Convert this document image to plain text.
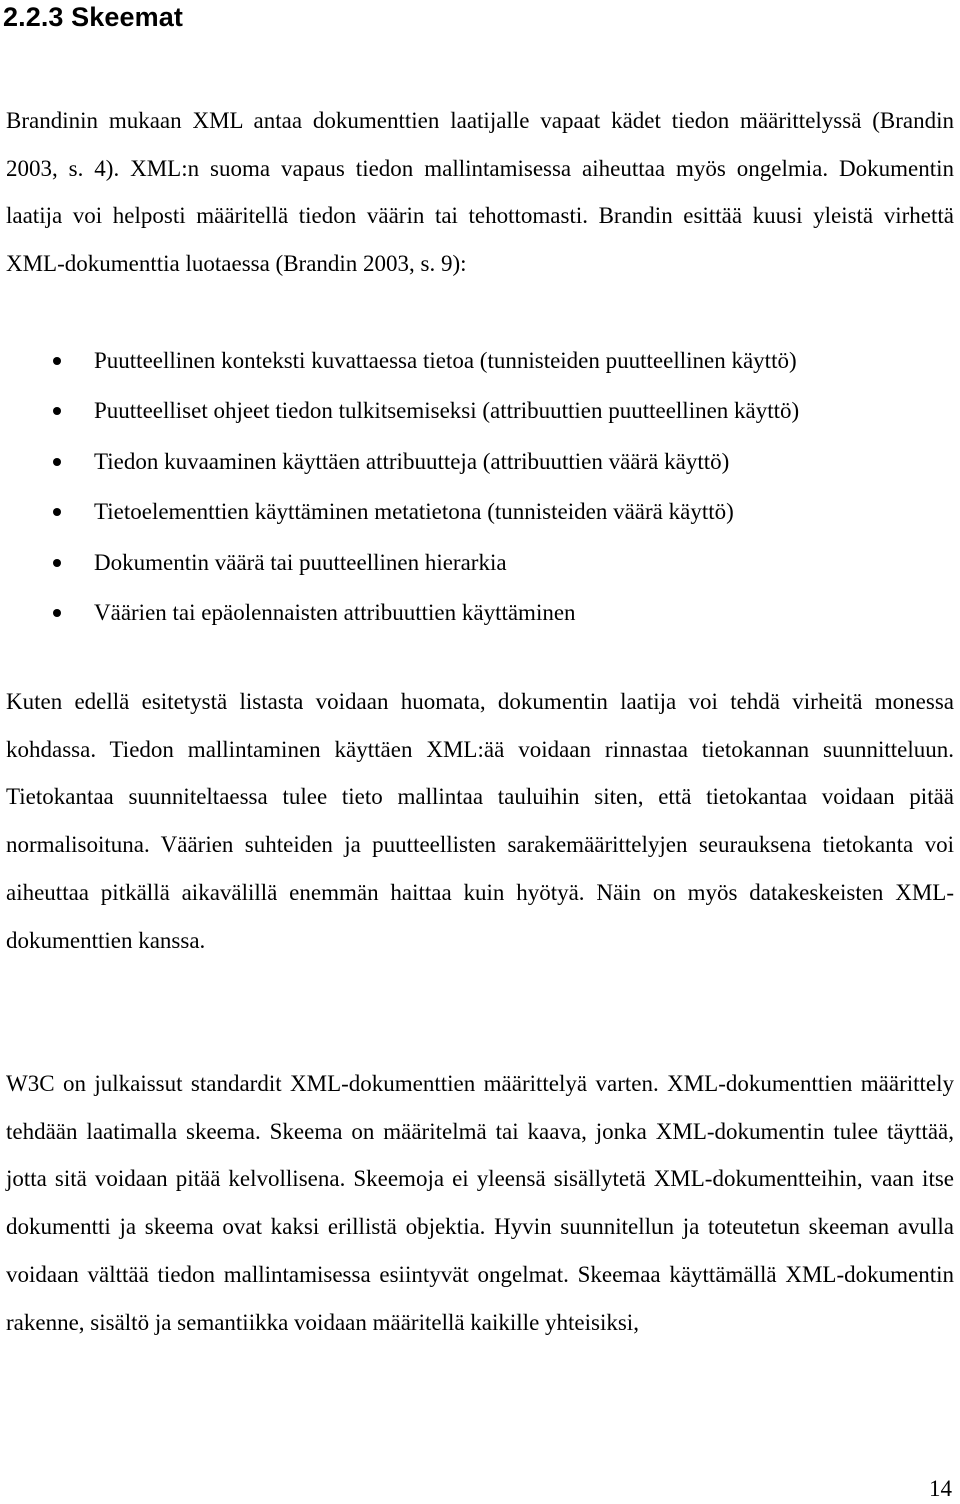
2.2.3 Skeemat

Brandinin mukaan XML antaa dokumenttien laatijalle vapaat kädet tiedon määrittelyssä (Brandin 2003, s. 4). XML:n suoma vapaus tiedon mallintamisessa aiheuttaa myös ongelmia. Dokumentin laatija voi helposti määritellä tiedon väärin tai tehottomasti. Brandin esittää kuusi yleistä virhettä XML-dokumenttia luotaessa (Brandin 2003, s. 9):

Puutteellinen konteksti kuvattaessa tietoa (tunnisteiden puutteellinen käyttö)
Puutteelliset ohjeet tiedon tulkitsemiseksi (attribuuttien puutteellinen käyttö)
Tiedon kuvaaminen käyttäen attribuutteja (attribuuttien väärä käyttö)
Tietoelementtien käyttäminen metatietona (tunnisteiden väärä käyttö)
Dokumentin väärä tai puutteellinen hierarkia
Väärien tai epäolennaisten attribuuttien käyttäminen

Kuten edellä esitetystä listasta voidaan huomata, dokumentin laatija voi tehdä virheitä monessa kohdassa. Tiedon mallintaminen käyttäen XML:ää voidaan rinnastaa tietokannan suunnitteluun. Tietokantaa suunniteltaessa tulee tieto mallintaa tauluihin siten, että tietokantaa voidaan pitää normalisoituna. Väärien suhteiden ja puutteellisten sarakemäärittelyjen seurauksena tietokanta voi aiheuttaa pitkällä aikavälillä enemmän haittaa kuin hyötyä. Näin on myös datakeskeisten XML-dokumenttien kanssa.

W3C on julkaissut standardit XML-dokumenttien määrittelyä varten. XML-dokumenttien määrittely tehdään laatimalla skeema. Skeema on määritelmä tai kaava, jonka XML-dokumentin tulee täyttää, jotta sitä voidaan pitää kelvollisena. Skeemoja ei yleensä sisällytetä XML-dokumentteihin, vaan itse dokumentti ja skeema ovat kaksi erillistä objektia. Hyvin suunnitellun ja toteutetun skeeman avulla voidaan välttää tiedon mallintamisessa esiintyvät ongelmat. Skeemaa käyttämällä XML-dokumentin rakenne, sisältö ja semantiikka voidaan määritellä kaikille yhteisiksi,

14
